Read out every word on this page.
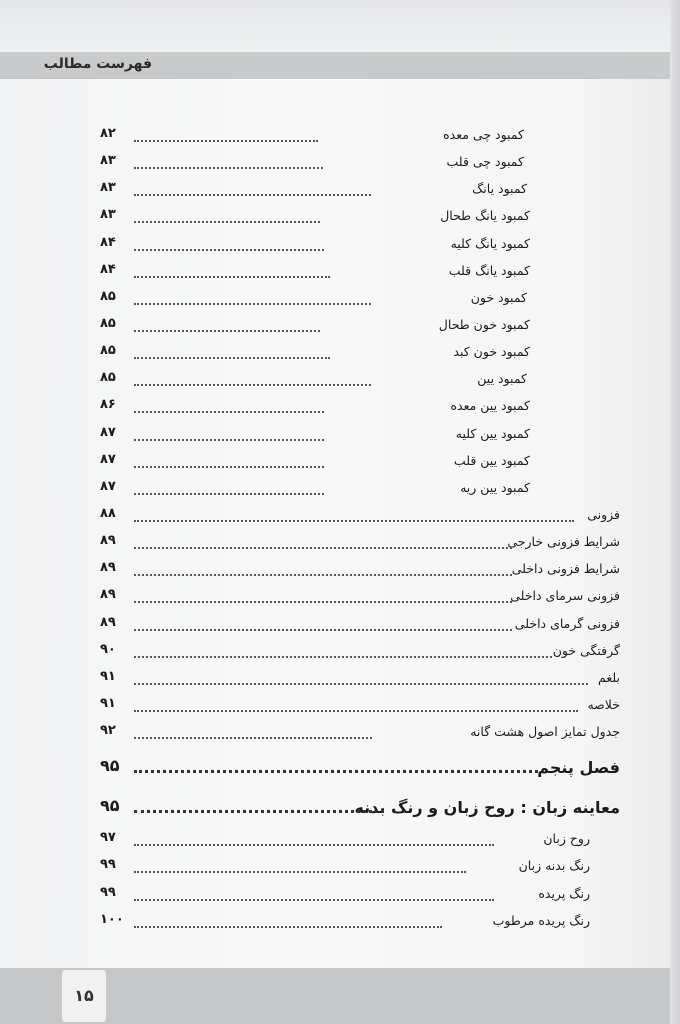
فهرست مطالب
کمبود چی معده
۸۲
کمبود چی قلب
۸۳
کمبود یانگ
۸۳
کمبود یانگ طحال
۸۳
کمبود یانگ کلیه
۸۴
کمبود یانگ قلب
۸۴
کمبود خون
۸۵
کمبود خون طحال
۸۵
کمبود خون کبد
۸۵
کمبود یین
۸۵
کمبود یین معده
۸۶
کمبود یین کلیه
۸۷
کمبود یین قلب
۸۷
کمبود یین ریه
۸۷
فزونی
۸۸
شرایط فزونی خارجی
۸۹
شرایط فزونی داخلی
۸۹
فزونی سرمای داخلی
۸۹
فزونی گرمای داخلی
۸۹
گرفتگی خون
۹۰
بلغم
۹۱
خلاصه
۹۱
جدول تمایز اصول هشت گانه
۹۲
فصل پنجم
۹۵
معاینه زبان : روح زبان و رنگ بدنه
۹۵
روح زبان
۹۷
رنگ بدنه زبان
۹۹
رنگ پریده
۹۹
رنگ پریده مرطوب
۱۰۰
۱۵
